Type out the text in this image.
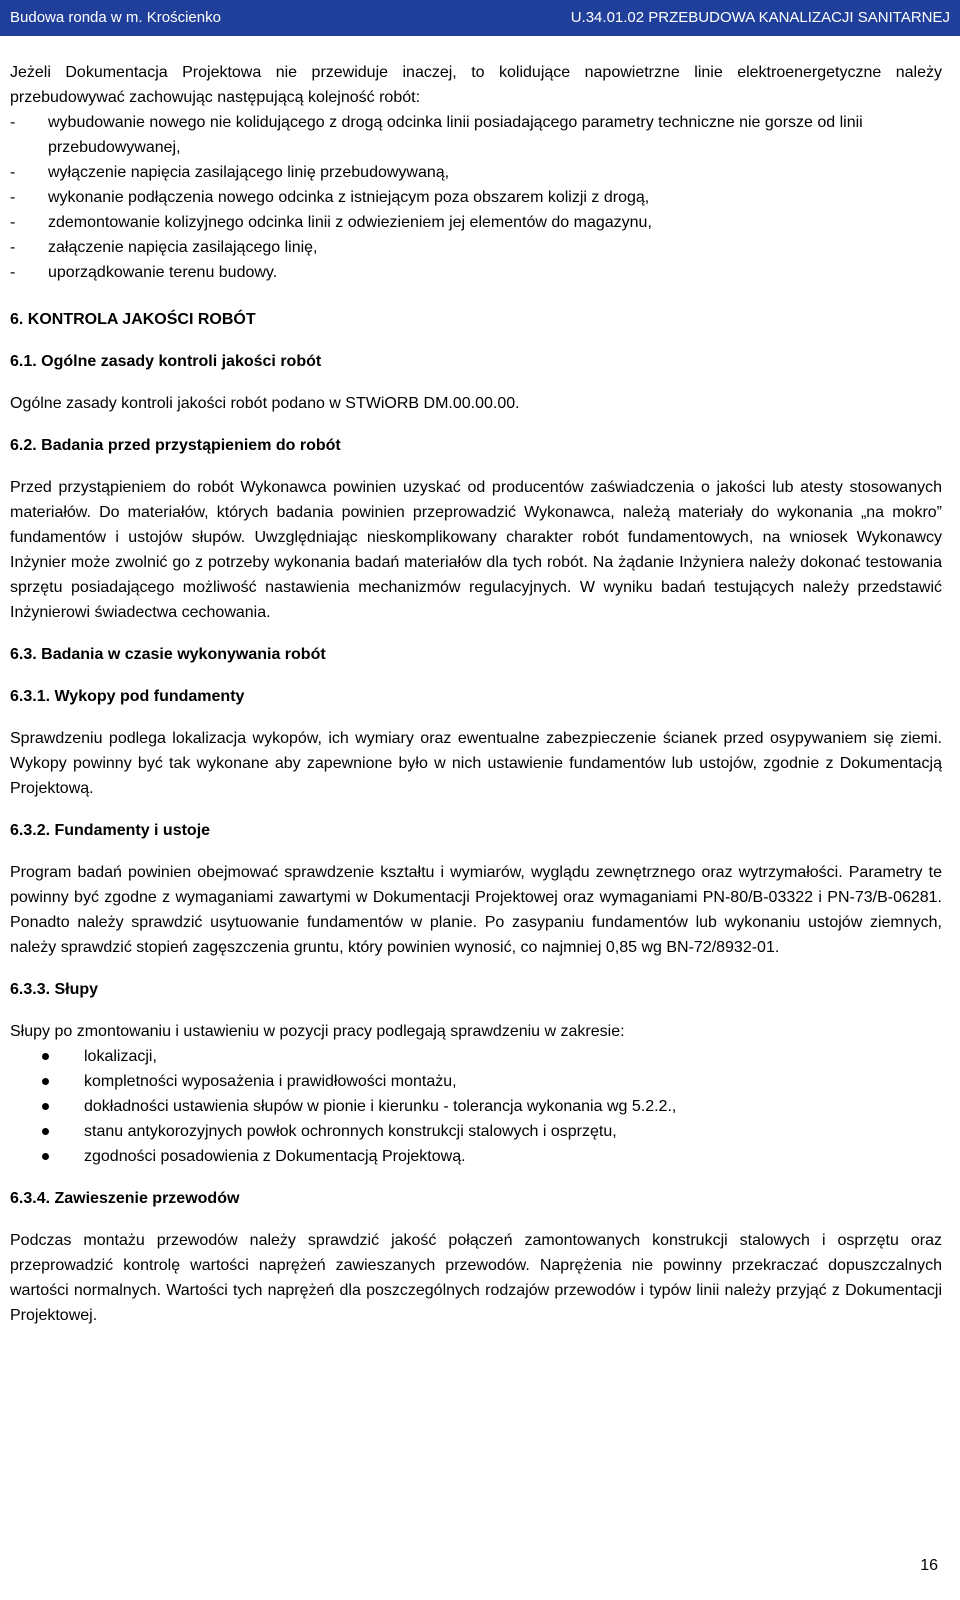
Budowa ronda w m. Krościenko	U.34.01.02 PRZEBUDOWA KANALIZACJI SANITARNEJ

Jeżeli Dokumentacja Projektowa nie przewiduje inaczej, to kolidujące napowietrzne linie elektroenergetyczne należy przebudowywać zachowując następującą kolejność robót:

- wybudowanie nowego nie kolidującego z drogą odcinka linii posiadającego parametry techniczne nie gorsze od linii przebudowywanej,
- wyłączenie napięcia zasilającego linię przebudowywaną,
- wykonanie podłączenia nowego odcinka z istniejącym poza obszarem kolizji z drogą,
- zdemontowanie kolizyjnego odcinka linii z odwiezieniem jej elementów do magazynu,
- załączenie napięcia zasilającego linię,
- uporządkowanie terenu budowy.
6. KONTROLA JAKOŚCI ROBÓT
6.1. Ogólne zasady kontroli jakości robót

Ogólne zasady kontroli jakości robót podano w STWiORB DM.00.00.00.

6.2. Badania przed przystąpieniem do robót

Przed przystąpieniem do robót Wykonawca powinien uzyskać od producentów zaświadczenia o jakości lub atesty stosowanych materiałów. Do materiałów, których badania powinien przeprowadzić Wykonawca, należą materiały do wykonania „na mokro” fundamentów i ustojów słupów. Uwzględniając nieskomplikowany charakter robót fundamentowych, na wniosek Wykonawcy Inżynier może zwolnić go z potrzeby wykonania badań materiałów dla tych robót. Na żądanie Inżyniera należy dokonać testowania sprzętu posiadającego możliwość nastawienia mechanizmów regulacyjnych. W wyniku badań testujących należy przedstawić Inżynierowi świadectwa cechowania.

6.3. Badania w czasie wykonywania robót
6.3.1. Wykopy pod fundamenty

Sprawdzeniu podlega lokalizacja wykopów, ich wymiary oraz ewentualne zabezpieczenie ścianek przed osypywaniem się ziemi. Wykopy powinny być tak wykonane aby zapewnione było w nich ustawienie fundamentów lub ustojów, zgodnie z Dokumentacją Projektową.

6.3.2. Fundamenty i ustoje

Program badań powinien obejmować sprawdzenie kształtu i wymiarów, wyglądu zewnętrznego oraz wytrzymałości. Parametry te powinny być zgodne z wymaganiami zawartymi w Dokumentacji Projektowej oraz wymaganiami PN-80/B-03322 i PN-73/B-06281. Ponadto należy sprawdzić usytuowanie fundamentów w planie. Po zasypaniu fundamentów lub wykonaniu ustojów ziemnych, należy sprawdzić stopień zagęszczenia gruntu, który powinien wynosić, co najmniej 0,85 wg BN-72/8932-01.

6.3.3. Słupy

Słupy po zmontowaniu i ustawieniu w pozycji pracy podlegają sprawdzeniu w zakresie:

lokalizacji,
kompletności wyposażenia i prawidłowości montażu,
dokładności ustawienia słupów w pionie i kierunku - tolerancja wykonania wg 5.2.2.,
stanu antykorozyjnych powłok ochronnych konstrukcji stalowych i osprzętu,
zgodności posadowienia z Dokumentacją Projektową.
6.3.4. Zawieszenie przewodów

Podczas montażu przewodów należy sprawdzić jakość połączeń zamontowanych konstrukcji stalowych i osprzętu oraz przeprowadzić kontrolę wartości naprężeń zawieszanych przewodów. Naprężenia nie powinny przekraczać dopuszczalnych wartości normalnych. Wartości tych naprężeń dla poszczególnych rodzajów przewodów i typów linii należy przyjąć z Dokumentacji Projektowej.

16
